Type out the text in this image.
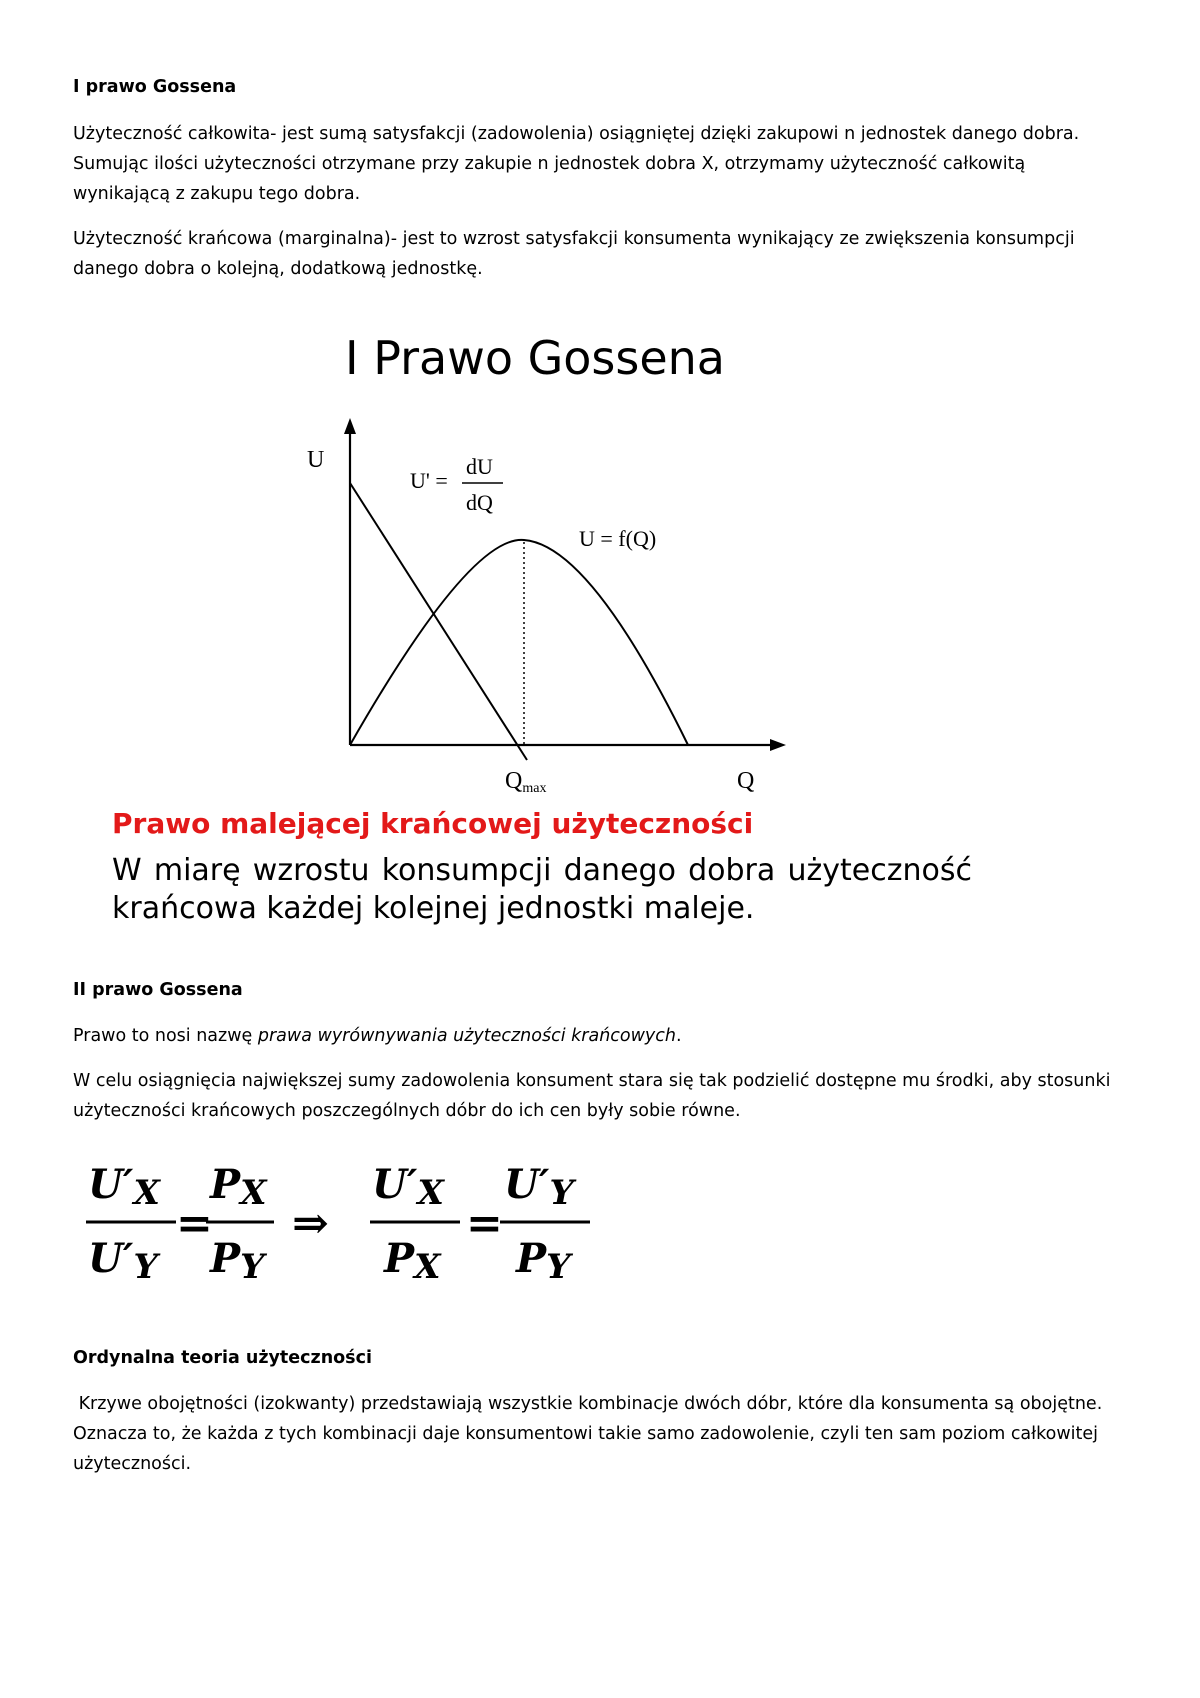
I prawo Gossena
Użyteczność całkowita- jest sumą satysfakcji (zadowolenia) osiągniętej dzięki zakupowi n jednostek danego dobra.
Sumując ilości użyteczności otrzymane przy zakupie n jednostek dobra X, otrzymamy użyteczność całkowitą
wynikającą z zakupu tego dobra.
Użyteczność krańcowa (marginalna)- jest to wzrost satysfakcji konsumenta wynikający ze zwiększenia konsumpcji
danego dobra o kolejną, dodatkową jednostkę.
I Prawo Gossena
U
Q
Qmax
U' =
dU
dQ
U = f(Q)
Prawo malejącej krańcowej użyteczności
W miarę wzrostu konsumpcji danego dobra użyteczność
krańcowa każdej kolejnej jednostki maleje.
II prawo Gossena
Prawo to nosi nazwę prawa wyrównywania użyteczności krańcowych.
W celu osiągnięcia największej sumy zadowolenia konsument stara się tak podzielić dostępne mu środki, aby stosunki
użyteczności krańcowych poszczególnych dóbr do ich cen były sobie równe.
U′X
U′Y
=
PX
PY
⇒
U′X
PX
=
U′Y
PY
Ordynalna teoria użyteczności
Krzywe obojętności (izokwanty) przedstawiają wszystkie kombinacje dwóch dóbr, które dla konsumenta są obojętne.
Oznacza to, że każda z tych kombinacji daje konsumentowi takie samo zadowolenie, czyli ten sam poziom całkowitej
użyteczności.
